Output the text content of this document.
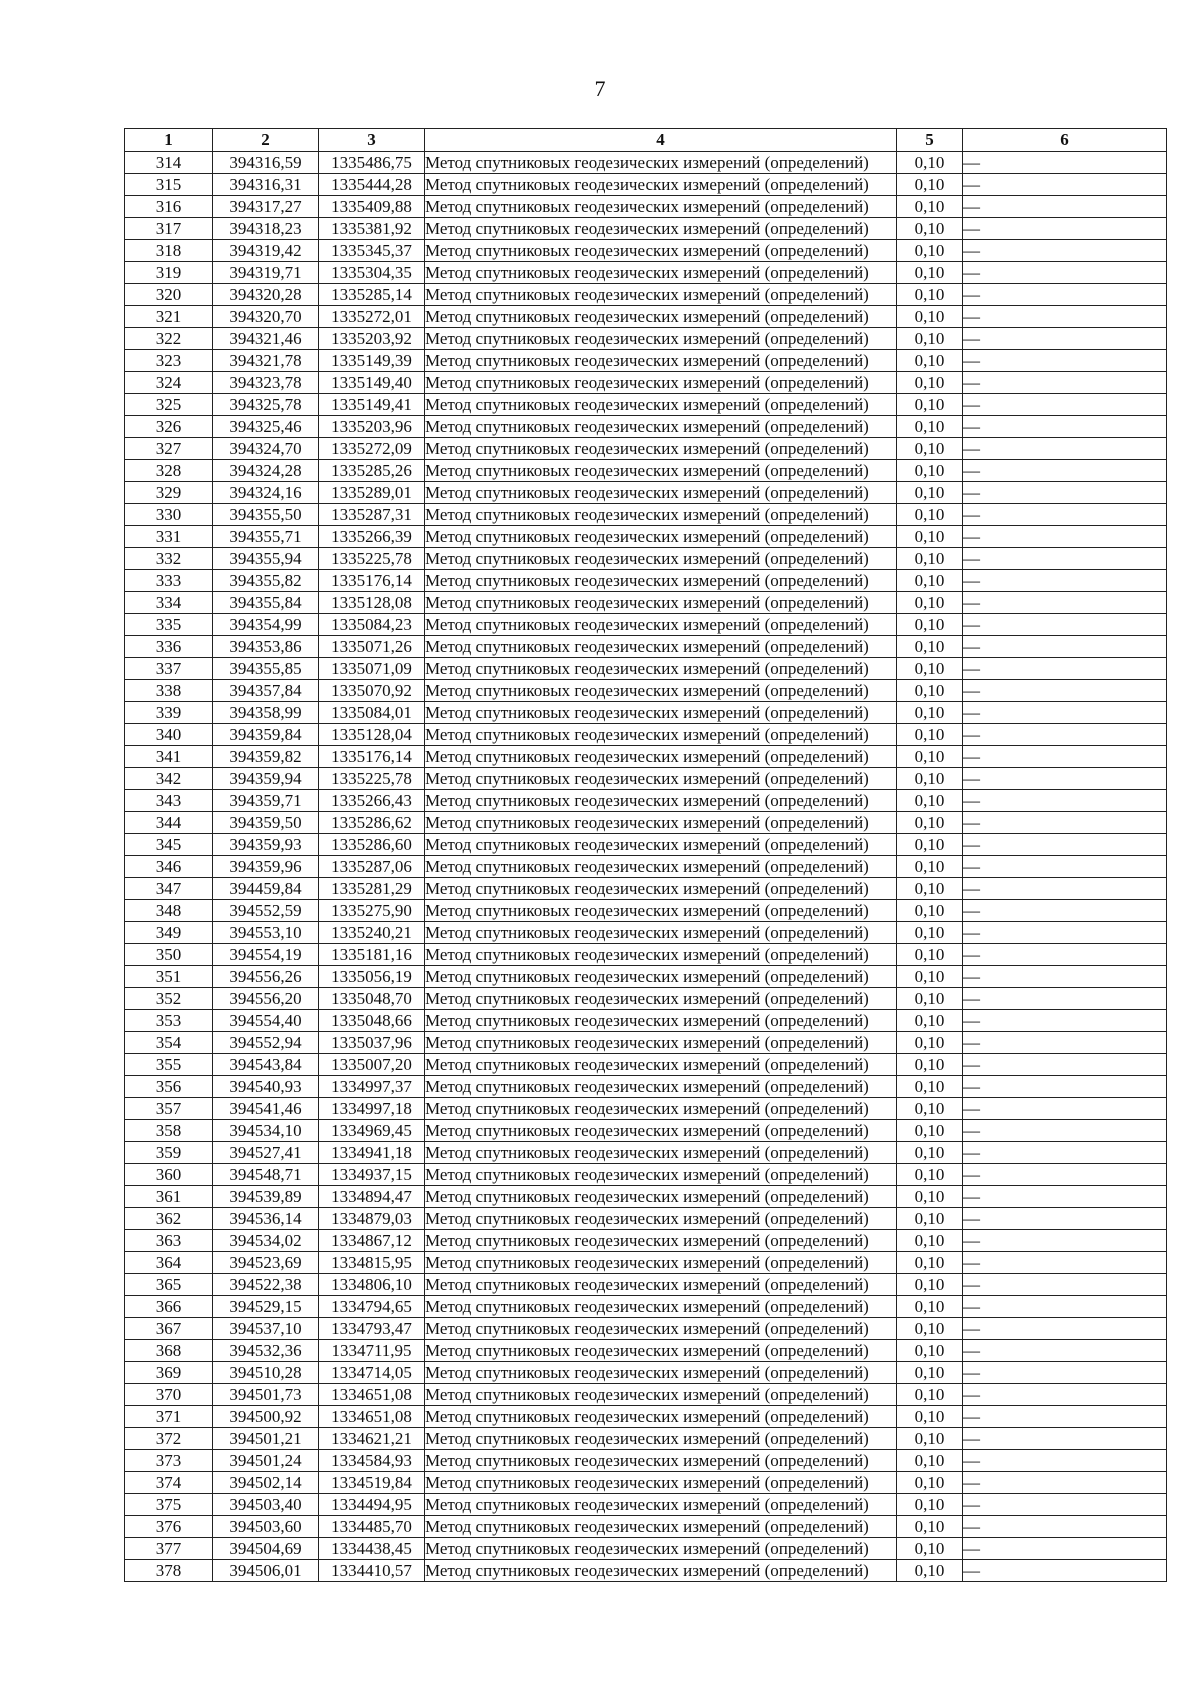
7
1	2	3	4	5	6
314	394316,59	1335486,75	Метод спутниковых геодезических измерений (определений)	0,10	—
315	394316,31	1335444,28	Метод спутниковых геодезических измерений (определений)	0,10	—
316	394317,27	1335409,88	Метод спутниковых геодезических измерений (определений)	0,10	—
317	394318,23	1335381,92	Метод спутниковых геодезических измерений (определений)	0,10	—
318	394319,42	1335345,37	Метод спутниковых геодезических измерений (определений)	0,10	—
319	394319,71	1335304,35	Метод спутниковых геодезических измерений (определений)	0,10	—
320	394320,28	1335285,14	Метод спутниковых геодезических измерений (определений)	0,10	—
321	394320,70	1335272,01	Метод спутниковых геодезических измерений (определений)	0,10	—
322	394321,46	1335203,92	Метод спутниковых геодезических измерений (определений)	0,10	—
323	394321,78	1335149,39	Метод спутниковых геодезических измерений (определений)	0,10	—
324	394323,78	1335149,40	Метод спутниковых геодезических измерений (определений)	0,10	—
325	394325,78	1335149,41	Метод спутниковых геодезических измерений (определений)	0,10	—
326	394325,46	1335203,96	Метод спутниковых геодезических измерений (определений)	0,10	—
327	394324,70	1335272,09	Метод спутниковых геодезических измерений (определений)	0,10	—
328	394324,28	1335285,26	Метод спутниковых геодезических измерений (определений)	0,10	—
329	394324,16	1335289,01	Метод спутниковых геодезических измерений (определений)	0,10	—
330	394355,50	1335287,31	Метод спутниковых геодезических измерений (определений)	0,10	—
331	394355,71	1335266,39	Метод спутниковых геодезических измерений (определений)	0,10	—
332	394355,94	1335225,78	Метод спутниковых геодезических измерений (определений)	0,10	—
333	394355,82	1335176,14	Метод спутниковых геодезических измерений (определений)	0,10	—
334	394355,84	1335128,08	Метод спутниковых геодезических измерений (определений)	0,10	—
335	394354,99	1335084,23	Метод спутниковых геодезических измерений (определений)	0,10	—
336	394353,86	1335071,26	Метод спутниковых геодезических измерений (определений)	0,10	—
337	394355,85	1335071,09	Метод спутниковых геодезических измерений (определений)	0,10	—
338	394357,84	1335070,92	Метод спутниковых геодезических измерений (определений)	0,10	—
339	394358,99	1335084,01	Метод спутниковых геодезических измерений (определений)	0,10	—
340	394359,84	1335128,04	Метод спутниковых геодезических измерений (определений)	0,10	—
341	394359,82	1335176,14	Метод спутниковых геодезических измерений (определений)	0,10	—
342	394359,94	1335225,78	Метод спутниковых геодезических измерений (определений)	0,10	—
343	394359,71	1335266,43	Метод спутниковых геодезических измерений (определений)	0,10	—
344	394359,50	1335286,62	Метод спутниковых геодезических измерений (определений)	0,10	—
345	394359,93	1335286,60	Метод спутниковых геодезических измерений (определений)	0,10	—
346	394359,96	1335287,06	Метод спутниковых геодезических измерений (определений)	0,10	—
347	394459,84	1335281,29	Метод спутниковых геодезических измерений (определений)	0,10	—
348	394552,59	1335275,90	Метод спутниковых геодезических измерений (определений)	0,10	—
349	394553,10	1335240,21	Метод спутниковых геодезических измерений (определений)	0,10	—
350	394554,19	1335181,16	Метод спутниковых геодезических измерений (определений)	0,10	—
351	394556,26	1335056,19	Метод спутниковых геодезических измерений (определений)	0,10	—
352	394556,20	1335048,70	Метод спутниковых геодезических измерений (определений)	0,10	—
353	394554,40	1335048,66	Метод спутниковых геодезических измерений (определений)	0,10	—
354	394552,94	1335037,96	Метод спутниковых геодезических измерений (определений)	0,10	—
355	394543,84	1335007,20	Метод спутниковых геодезических измерений (определений)	0,10	—
356	394540,93	1334997,37	Метод спутниковых геодезических измерений (определений)	0,10	—
357	394541,46	1334997,18	Метод спутниковых геодезических измерений (определений)	0,10	—
358	394534,10	1334969,45	Метод спутниковых геодезических измерений (определений)	0,10	—
359	394527,41	1334941,18	Метод спутниковых геодезических измерений (определений)	0,10	—
360	394548,71	1334937,15	Метод спутниковых геодезических измерений (определений)	0,10	—
361	394539,89	1334894,47	Метод спутниковых геодезических измерений (определений)	0,10	—
362	394536,14	1334879,03	Метод спутниковых геодезических измерений (определений)	0,10	—
363	394534,02	1334867,12	Метод спутниковых геодезических измерений (определений)	0,10	—
364	394523,69	1334815,95	Метод спутниковых геодезических измерений (определений)	0,10	—
365	394522,38	1334806,10	Метод спутниковых геодезических измерений (определений)	0,10	—
366	394529,15	1334794,65	Метод спутниковых геодезических измерений (определений)	0,10	—
367	394537,10	1334793,47	Метод спутниковых геодезических измерений (определений)	0,10	—
368	394532,36	1334711,95	Метод спутниковых геодезических измерений (определений)	0,10	—
369	394510,28	1334714,05	Метод спутниковых геодезических измерений (определений)	0,10	—
370	394501,73	1334651,08	Метод спутниковых геодезических измерений (определений)	0,10	—
371	394500,92	1334651,08	Метод спутниковых геодезических измерений (определений)	0,10	—
372	394501,21	1334621,21	Метод спутниковых геодезических измерений (определений)	0,10	—
373	394501,24	1334584,93	Метод спутниковых геодезических измерений (определений)	0,10	—
374	394502,14	1334519,84	Метод спутниковых геодезических измерений (определений)	0,10	—
375	394503,40	1334494,95	Метод спутниковых геодезических измерений (определений)	0,10	—
376	394503,60	1334485,70	Метод спутниковых геодезических измерений (определений)	0,10	—
377	394504,69	1334438,45	Метод спутниковых геодезических измерений (определений)	0,10	—
378	394506,01	1334410,57	Метод спутниковых геодезических измерений (определений)	0,10	—
